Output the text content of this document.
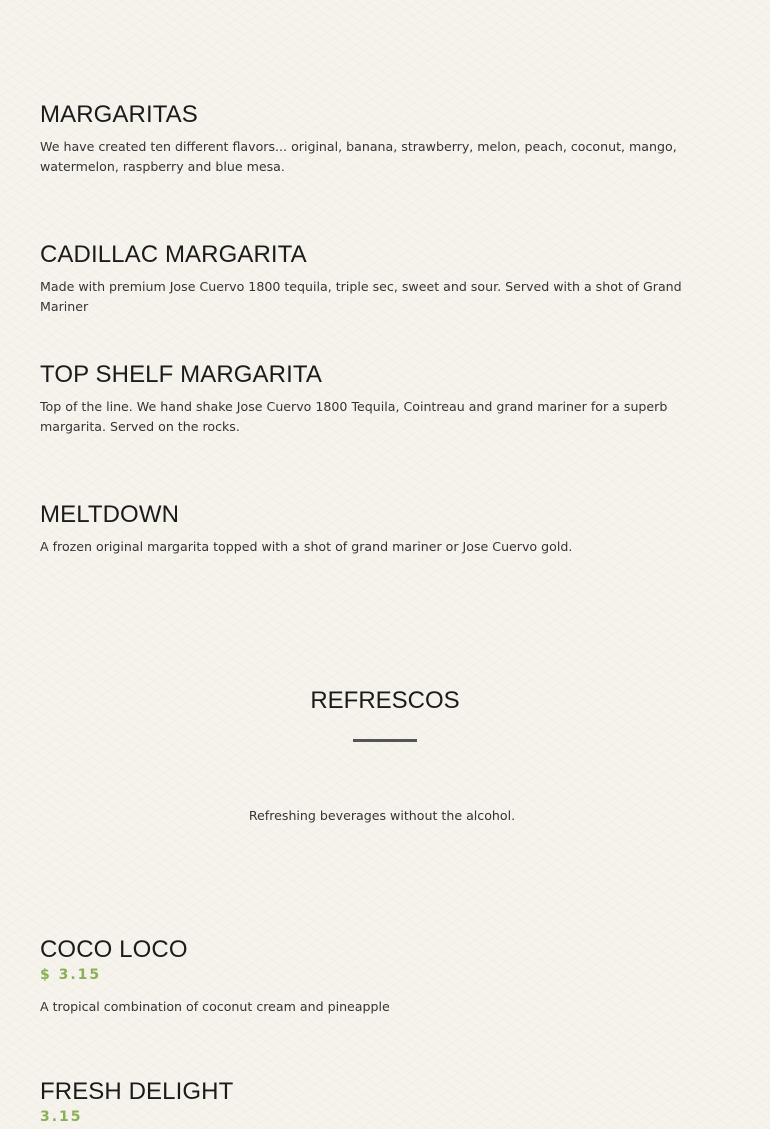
MARGARITAS

We have created ten different flavors... original, banana, strawberry, melon, peach, coconut, mango, watermelon, raspberry and blue mesa.

CADILLAC MARGARITA

Made with premium Jose Cuervo 1800 tequila, triple sec, sweet and sour. Served with a shot of Grand Mariner

TOP SHELF MARGARITA

Top of the line. We hand shake Jose Cuervo 1800 Tequila, Cointreau and grand mariner for a superb margarita. Served on the rocks.

MELTDOWN

A frozen original margarita topped with a shot of grand mariner or Jose Cuervo gold.

REFRESCOS

Refreshing beverages without the alcohol.

COCO LOCO
$ 3.15

A tropical combination of coconut cream and pineapple

FRESH DELIGHT
3.15
